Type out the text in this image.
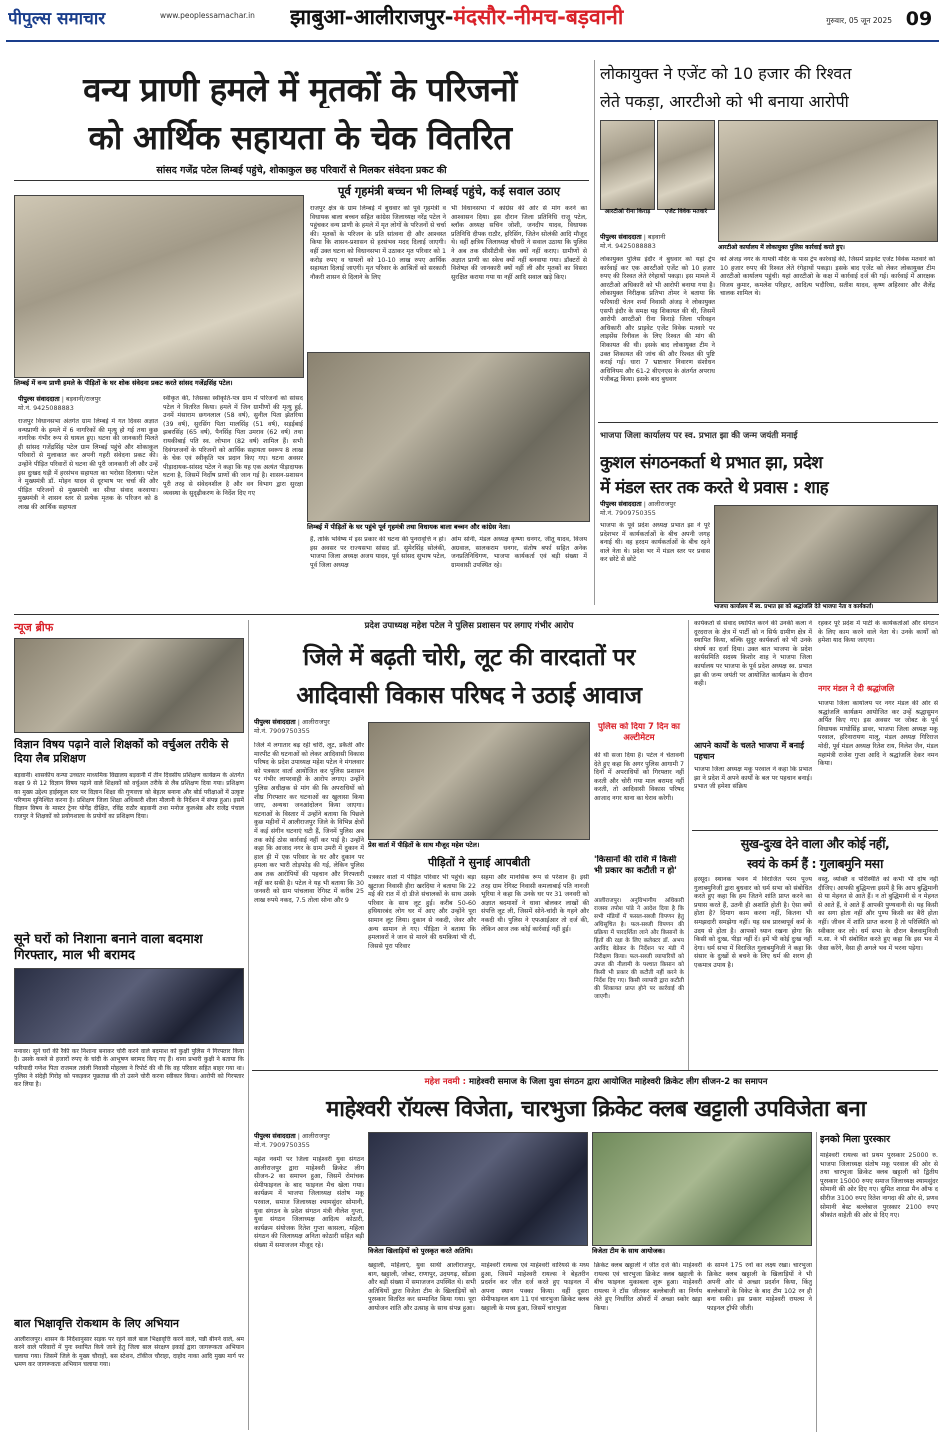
पीपुल्स समाचार	www.peoplessamachar.in	झाबुआ-आलीराजपुर-मंदसौर-नीमच-बड़वानी	गुरुवार, 05 जून 2025 09
वन्य प्राणी हमले में मृतकों के परिजनों
को आर्थिक सहायता के चेक वितरित
सांसद गजेंद्र पटेल लिम्बई पहुंचे, शोकाकुल छह परिवारों से मिलकर संवेदना प्रकट की
लिम्बई में वन्य प्राणी हमले के पीड़ितों के घर शोक संवेदना प्रकट करते सांसद गजेंद्रसिंह पटेल।
पीपुल्स संवाददाता | बड़वानी/राजपुर
मो.नं. 9425088883
राजपुर विधानसभा अंतर्गत ग्राम लिम्बई में गत दिवस अज्ञात वन्यप्राणी के हमले में 6 नागरिकों की मृत्यु हो गई तथा कुछ नागरिक गंभीर रूप से घायल हुए। घटना की जानकारी मिलते ही सांसद गजेंद्रसिंह पटेल ग्राम लिम्बई पहुंचे और शोकाकुल परिवारों से मुलाकात कर अपनी गहरी संवेदना प्रकट की। उन्होंने पीड़ित परिवारों से घटना की पूरी जानकारी ली और उन्हें इस दुःखद घड़ी में हरसंभव सहायता का भरोसा दिलाया। पटेल ने मुख्यमंत्री डॉ. मोहन यादव से दूरभाष पर चर्चा की और पीड़ित परिजनों से मुख्यमंत्री का सीधा संवाद करवाया। मुख्यमंत्री ने शासन स्तर से प्रत्येक मृतक के परिजन को 8 लाख की आर्थिक सहायता
स्वीकृत की, जिसका स्वीकृति-पत्र ग्राम में परिजनों को सांसद पटेल ने वितरित किया। हमले में जिन ग्रामीणों की मृत्यु हुई, उनमें मंसाराम छगनलाल (58 वर्ष), सुनील पिता झेतरिया (39 वर्ष), सुरसिंग पिता मालसिंह (51 वर्ष), सड़ईबाई झबरसिंह (65 वर्ष), पैनसिंह पिता उमराव (62 वर्ष) तथा रायकीबाई पति स्व. लोभान (82 वर्ष) शामिल हैं। सभी दिवंगतजनों के परिजनों को आर्थिक सहायता स्वरूप 8 लाख के चेक एवं स्वीकृति पत्र प्रदान किए गए। घटना अवसर पीड़ादायक-सांसद पटेल ने कहा कि यह एक अत्यंत पीड़ादायक घटना है, जिसमें निर्दोष प्राणों की जान गई है। शासन-प्रशासन पूरी तरह से संवेदनशील है और वन विभाग द्वारा सुरक्षा व्यवस्था के सुदृढ़ीकरण के निर्देश दिए गए
पूर्व गृहमंत्री बच्चन भी लिम्बई पहुंचे, कई सवाल उठाए
राजपुर क्षेत्र के ग्राम लिम्बई में बुधवार को पूर्व गृहमंत्री व विधायक बाला बच्चन सहित कांग्रेस जिलाध्यक्ष नरेंद्र पटेल ने पहुंचकर वन्य प्राणी के हमले में मृत लोगों के परिजनों से चर्चा की। मृतकों के परिजन के प्रति सांत्वना दी और आश्वस्त किया कि शासन-प्रशासन से हरसंभव मदद दिलाई जाएगी। वहीं उक्त घटना को विधानसभा में उठाकर मृत परिवार को 1 करोड़ रुपए व घायलों को 10-10 लाख रुपए आर्थिक सहायता दिलाई जाएगी। मृत परिवार के आश्रितों को सरकारी नौकरी शासन से दिलाने के लिए
भी विधानसभा में कांग्रेस की ओर से मांग करने का आश्वासन दिया। इस दौरान जिला प्रतिनिधि राजू पटेल, ब्लॉक अध्यक्ष सचिन जोशी, जनदीप यादव, विधायक प्रतिनिधि दीपक राठौर, हरिसिंग, जितेन सोलंकी आदि मौजूद थे। वहीं क्षत्रिय जिलाध्यक्ष चौधरी ने सवाल उठाया कि पुलिस ने अब तक सीसीटीवी चेक क्यों नहीं कराए। ग्रामीणों से अज्ञात प्राणी का स्केच क्यों नहीं बनवाया गया। डॉक्टरों से विशेषज्ञ की जानकारी क्यों नहीं ली और मृतकों का विसरा सुरक्षित कराया गया या नहीं आदि सवाल खड़े किए।
लिम्बई में पीड़ितों के घर पहुंचे पूर्व गृहमंत्री तथा विधायक बाला बच्चन और कांग्रेस नेता।
हैं, ताकि भविष्य में इस प्रकार की घटना की पुनरावृत्ति न हो। इस अवसर पर राज्यसभा सांसद डॉ. सुमेरसिंह सोलंकी, भाजपा जिला अध्यक्ष अजय यादव, पूर्व सांसद सुभाष पटेल, पूर्व जिला अध्यक्ष
ओम सोनी, मंडल अध्यक्ष कृष्णा धनगर, जीतू यादव, विजय अग्रवाल, सालकराम धनगर, संतोष बर्फा सहित अनेक जनप्रतिनिधिगण, भाजपा कार्यकर्ता एवं बड़ी संख्या में ग्रामवासी उपस्थित रहे।
लोकायुक्त ने एजेंट को 10 हजार की रिश्वत
लेते पकड़ा, आरटीओ को भी बनाया आरोपी
आरटीओ रीना किराड़	एजेंट विवेक मतवारे
आरटीओ कार्यालय में लोकायुक्त पुलिस कार्रवाई करते हुए।
पीपुल्स संवाददाता | बड़वानी
मो.नं. 9425088883
लोकायुक्त पुलिस इंदौर ने बुधवार को यहां ट्रेप कार्रवाई कर एक आरटीओ एजेंट को 10 हजार रुपए की रिश्वत लेते रंगेहाथों पकड़ा। इस मामले में आरटीओ अधिकारी को भी आरोपी बनाया गया है। लोकायुक्त निरीक्षक प्रतिभा तोमर ने बताया कि फरियादी चेतन शर्मा निवासी अंजड़ ने लोकायुक्त एसपी इंदौर के समक्ष यह शिकायत की थी, जिसमें आरोपी आरटीओ रीना किराड़े जिला परिवहन अधिकारी और प्राइवेट एजेंट विवेक मतवारे पर लाइसेंस रिनीवल के लिए रिश्वत की मांग की शिकायत की थी। इसके बाद लोकायुक्त टीम ने उक्त शिकायत की जांच की और रिश्वत की पुष्टि कराई गई। धारा 7 भ्रष्टाचार निवारण संशोधन अधिनियम और 61-2 बीएनएस के अंतर्गत अपराध पंजीबद्ध किया। इसके बाद बुधवार
को अंजड़ नगर के गायत्री मंदिर के पास ट्रेप कार्रवाई की, जिसमें प्राइवेट एजेंट विवेक मतवारे को 10 हजार रुपए की रिश्वत लेते रंगेहाथों पकड़ा। इसके बाद एजेंट को लेकर लोकायुक्त टीम आरटीओ कार्यालय पहुंची। यहां आरटीओ के कक्ष में कार्रवाई दर्ज की गई। कार्रवाई में आरक्षक विजय कुमार, कमलेश परिहार, आदित्य भदौरिया, सतीश यादव, कृष्ण अहिरवार और शैलेंद्र चालक शामिल थे।
भाजपा जिला कार्यालय पर स्व. प्रभात झा की जन्म जयंती मनाई
कुशल संगठनकर्ता थे प्रभात झा, प्रदेश
में मंडल स्तर तक करते थे प्रवास : शाह
पीपुल्स संवाददाता | आलीराजपुर
मो.नं. 7909750355
भाजपा के पूर्व प्रदेश अध्यक्ष प्रभात झा ने पूरे प्रदेशभर में कार्यकर्ताओं के बीच अपनी जगह बनाई थी। वह हरदम कार्यकर्ताओं के बीच रहने वाले नेता थे। प्रदेश भर में मंडल स्तर पर प्रवास कर छोटे से छोटे
भाजपा कार्यालय में स्व. प्रभात झा को श्रद्धांजलि देते भाजपा नेता व कार्यकर्ता।
न्यूज ब्रीफ
विज्ञान विषय पढ़ाने वाले शिक्षकों को वर्चुअल तरीके से दिया लैब प्रशिक्षण
बड़वानी। शासकीय कन्या उच्चतर माध्यमिक विद्यालय बड़वानी में तीन दिवसीय प्रशिक्षण कार्यक्रम के अंतर्गत कक्षा 9 से 12 विज्ञान विषय पढ़ाने वाले शिक्षकों को वर्चुअल तरीके से लैब प्रशिक्षण दिया गया। प्रशिक्षण का मुख्य उद्देश्य हाईस्कूल स्तर पर विज्ञान शिक्षा की गुणवत्ता को बेहतर बनाना और बोर्ड परीक्षाओं में उत्कृष्ट परिणाम सुनिश्चित करना है। प्रशिक्षण जिला शिक्षा अधिकारी शीला मौलानी के निर्देशन में संपन्न हुआ। इसमें विज्ञान विषय के मास्टर ट्रेनर योगेंद्र दीक्षित, रविंद्र राठौर बड़वानी तथा मनोज कुलश्रेष्ठ और राजेंद्र पंचाल राजपुर ने शिक्षकों को प्रयोगशाला के प्रयोगों का प्रशिक्षण दिया।
सूने घरों को निशाना बनाने वाला बदमाश गिरफ्तार, माल भी बरामद
मनावर। सूने घरों की रैकी कर निशाना बनाकर चोरी करने वाले बदमाश को कुक्षी पुलिस ने गिरफ्तार किया है। उसके कब्जे से हजारों रुपए के चांदी के आभूषण बरामद किए गए हैं। थाना प्रभारी कुक्षी ने बताया कि फरियादी गणेश पिता राजमल तवंली निवासी मोहल्ला ने रिपोर्ट की थी कि वह परिवार सहित बाहर गया था। पुलिस ने संदेही गिरोह को पकड़कर पूछताछ की तो उसने चोरी करना स्वीकार किया। आरोपी को गिरफ्तार कर लिया है।
बाल भिक्षावृत्ति रोकथाम के लिए अभियान
आलीराजपुर। शासन के निर्देशानुसार सड़क पर रहने वाले बाल भिक्षावृत्ति करने वाले, पन्नी बीनने वाले, श्रम करने वाले परिवारों में पुनः स्थापित किये जाने हेतु जिला बाल संरक्षण इकाई द्वारा जागरूकता अभियान चलाया गया। जिसमें जिले के मुख्य चौराहों, बस स्टेशन, टॉकीज चौराहा, दाहोद नाका आदि मुख्य मार्ग पर भ्रमण कर जागरूकता अभियान चलाया गया।
प्रदेश उपाध्यक्ष महेश पटेल ने पुलिस प्रशासन पर लगाए गंभीर आरोप
जिले में बढ़ती चोरी, लूट की वारदातों पर
आदिवासी विकास परिषद ने उठाई आवाज
पीपुल्स संवाददाता | आलीराजपुर
मो.नं. 7909750355
जिले में लगातार बढ़ रही चोरी, लूट, डकैती और मारपीट की घटनाओं को लेकर आदिवासी विकास परिषद के प्रदेश उपाध्यक्ष महेश पटेल ने मंगलवार को पत्रकार वार्ता आयोजित कर पुलिस प्रशासन पर गंभीर लापरवाही के आरोप लगाए। उन्होंने पुलिस अधीक्षक से मांग की कि अपराधियों को शीघ्र गिरफ्तार कर घटनाओं का खुलासा किया जाए, अन्यथा जनआंदोलन किया जाएगा। घटनाओं के विस्तार में उन्होंने बताया कि पिछले कुछ महीनों में आलीराजपुर जिले के विभिन्न क्षेत्रों में कई संगीन घटनाएं घटी हैं, जिनमें पुलिस अब तक कोई ठोस कार्रवाई नहीं कर पाई है। उन्होंने कहा कि आजाद नगर के ग्राम उमरी में दुकान में हाल ही में एक परिवार के घर और दुकान पर हमला कर भारी तोड़फोड़ की गई, लेकिन पुलिस अब तक आरोपियों की पहचान और गिरफ्तारी नहीं कर सकी है। पटेल ने यह भी बताया कि 30 जनवरी को ग्राम पांचलावा रेगिस्ट में करीब 25 लाख रुपये नकद, 7.5 तोला सोना और 9
प्रेस वार्ता में पीड़ितों के साथ मौजूद महेश पटेल।
पुलिस को दिया 7 दिन का अल्टीमेटम
की थी सजा दिया है। पटेल ने चेतावनी देते हुए कहा कि अगर पुलिस आगामी 7 दिनों में अपराधियों को गिरफ्तार नहीं करती और चोरी गया माल बरामद नहीं करती, तो आदिवासी विकास परिषद आजाद नगर थाना का घेराव करेगी।
पीड़ितों ने सुनाई आपबीती
पत्रकार वार्ता में पीड़ित परिवार भी पहुंचे। बड़ा खुटाजा निवासी हीरा खरदिया ने बताया कि 22 मई की रात में दो डीजे संचालकों के साथ उसके परिवार के साथ लूट हुई। करीब 50-60 हथियारबंद लोग घर में आए और उन्होंने पूरा सामान लूट लिया। दुकान से नकदी, जेवर और अन्य सामान ले गए। पीड़िता ने बताया कि हमलावरों ने जान से मारने की धमकियां भी दी, जिससे पूरा परिवार
सहमा और मानसिक रूप से परेशान है। इसी तरह ग्राम रेगिस्ट निवासी कमलाबाई पति नानजी भूरिया ने कहा कि उनके घर पर 31 जनवरी को अज्ञात बदमाशों ने धावा बोलकर लाखों की संपत्ति लूट ली, जिसमें सोने-चांदी के गहने और नकदी थी। पुलिस ने एफआईआर तो दर्ज की, लेकिन आज तक कोई कार्रवाई नहीं हुई।
'किसानों की राशि में किसी भी प्रकार का कटौती न हो'
आलीराजपुर। अनुविभागीय अधिकारी राजस्व तपोश पांडे ने आदेश दिया है कि सभी मंडियों में फसल-सब्जी विपणन हेतु अधिसूचित है। फल-सब्जी विपणन की प्रक्रिया में पारदर्शिता लाने और किसानों के हितों की रक्षा के लिए कलेक्टर डॉ. अभय अरविंद बेडेकर के निर्देशन पर मंडी में निरीक्षण किया। फल-सब्जी व्यापारियों को उपज की नीलामी के पश्चात किसान को किसी भी प्रकार की कटौती नहीं करने के निर्देश दिए गए। किसी व्यापारी द्वारा कटौती की शिकायत प्राप्त होने पर कार्रवाई की जाएगी।
कार्यकर्ता से संवाद स्थापित करने की उनकी कला ने दूरदराज के क्षेत्र में पार्टी को न सिर्फ ग्रामीण क्षेत्र में स्थापित किया, बल्कि सुदूर कार्यकर्ता को भी उनके संघर्ष का दर्जा दिया। उक्त बात भाजपा के प्रदेश कार्यसमिति सदस्य किशोर शाह ने भाजपा जिला कार्यालय पर भाजपा के पूर्व प्रदेश अध्यक्ष स्व. प्रभात झा की जन्म जयंती पर आयोजित कार्यक्रम के दौरान कही।
आपने कार्यों के चलते भाजपा में बनाई पहचान
भाजपा जिला अध्यक्ष मकू परवाल ने कहा कि प्रभात झा ने प्रदेश में अपने कार्यों के बल पर पहचान बनाई। प्रभात जी हमेशा संक्रिय
रहकर पूरे प्रदेश में पार्टी के कार्यकर्ताओं और संगठन के लिए काम करने वाले नेता थे। उनके कार्यों को हमेशा याद किया जाएगा।
नगर मंडल ने दी श्रद्धांजलि
भाजपा जिला कार्यालय पर नगर मंडल की ओर से श्रद्धांजलि कार्यक्रम आयोजित कर उन्हें श्रद्धासुमन अर्पित किए गए। इस अवसर पर जोबट के पूर्व विधायक माधोसिंह डावर, भाजपा जिला अध्यक्ष मकू परवाल, हरिनारायण मालू, मंडल अध्यक्ष गिरिराज मोदी, पूर्व मंडल अध्यक्ष रितेश राय, निलेश जैन, मंडल महामंत्री राजेश गुप्ता आदि ने श्रद्धांजलि देकर नमन किया।
सुख-दुःख देने वाला और कोई नहीं,
स्वयं के कर्म हैं : गुलाबमुनि मसा
हरसूद। स्थानक भवन में विराजित परम पूज्य गुलाबमुनिजी द्वारा बुधवार को धर्म सभा को संबोधित करते हुए कहा कि हम जितने शांति प्राप्त करने का प्रयास करते हैं, उतनी ही अशांति होती है। ऐसा क्यों होता है? दिमाग काम करना नहीं, कितना भी समझदारी समझेगा नहीं। यह सब प्रारब्धपूर्व कर्म के उदय से होता है। आपको ध्यान रखना होगा कि किसी को दुःख, पीड़ा नहीं दें। हमें भी कोई दुःख नहीं देगा। धर्म सभा में विराजित गुलाबमुनिजी ने कहा कि संसार के दुःखों से बचने के लिए धर्म की शरण ही एकमात्र उपाय है।
वस्तु, व्यक्ति व परिस्थिति को कभी भी दोष नहीं दीजिए। आपकी बुद्धिमत्ता इसमें है कि आप बुद्धिमानी से या मेहनत से आते हैं। न तो बुद्धिमानी से न मेहनत से आते हैं, वे आते हैं आपकी पुण्यवानी से। यह किसी का सगा होता नहीं और पुण्य किसी का बैरी होता नहीं। जीवन में शांति प्राप्त करना है तो परिस्थिति को स्वीकार कर लो। धर्म सभा के दौरान बैलवामुनिजी म.सा. ने भी संबोधित करते हुए कहा कि इस भव में जैसा करेंगे, वैसा ही अगले भव में भरना पड़ेगा।
महेश नवमी : माहेश्वरी समाज के जिला युवा संगठन द्वारा आयोजित माहेश्वरी क्रिकेट लीग सीजन-2 का समापन
माहेश्वरी रॉयल्स विजेता, चारभुजा क्रिकेट क्लब खट्टाली उपविजेता बना
पीपुल्स संवाददाता | आलीराजपुर
मो.नं. 7909750355
महेश नवमी पर जिला माहेश्वरी युवा संगठन आलीराजपुर द्वारा माहेश्वरी क्रिकेट लीग सीजन-2 का समापन हुआ, जिसमें रोमांचक सेमीफाइनल के बाद फाइनल मैच खेला गया। कार्यक्रम में भाजपा जिलाध्यक्ष संतोष मकू परवाल, समाज जिलाध्यक्ष श्यामसुंदर सोमानी, युवा संगठन के प्रदेश संगठन मंत्री नीलेश गुप्ता, युवा संगठन जिलाध्यक्ष आदित्य कोठारी, कार्यक्रम संयोजक रितेश गुप्ता कासला, महिला संगठन की जिलाध्यक्ष अनिता कोठारी सहित बड़ी संख्या में समाजजन मौजूद रहे।
विजेता खिलाड़ियों को पुरस्कृत करते अतिथि।	विजेता टीम के साथ आयोजक।
खट्टाली, महिलाएं, युवा साथी आलीराजपुर, बाग, खट्टाली, जोबट, राणापुर, उदयगढ़, सोंडवा और बड़ी संख्या में समाजजन उपस्थित थे। सभी अतिथियों द्वारा विजेता टीम के खिलाड़ियों को पुरस्कार वितरित कर सम्मानित किया गया। पूरा आयोजन शांति और उत्साह के साथ संपन्न हुआ।
माहेश्वरी रायल्स एवं माहेश्वरी वारियर्स के मध्य हुआ, जिसमें माहेश्वरी रायल्स ने बेहतरीन प्रदर्शन कर जीत दर्ज करते हुए फाइनल में अपना स्थान पक्का किया। वहीं दूसरा सेमीफाइनल बाग 11 एवं चारभुजा क्रिकेट क्लब खट्टाली के मध्य हुआ, जिसमें चारभुजा
क्रिकेट क्लब खट्टाली ने जीत दर्ज की। माहेश्वरी रायल्स एवं चारभुजा क्रिकेट क्लब खट्टाली के बीच फाइनल मुकाबला शुरू हुआ। माहेश्वरी रायल्स ने टॉस जीतकर बल्लेबाजी का निर्णय लेते हुए निर्धारित ओवरों में अच्छा स्कोर खड़ा किया।
के सामने 175 रनों का लक्ष्य रखा। चारभुजा क्रिकेट क्लब खट्टाली के खिलाड़ियों ने भी अपनी ओर से अच्छा प्रदर्शन किया, किंतु बल्लेबाजों के विकेट के बाद टीम 102 रन ही बना सकी। इस प्रकार माहेश्वरी रायल्स ने फाइनल ट्रॉफी जीती।
इनको मिला पुरस्कार
माहेश्वरी रायल्स को प्रथम पुरस्कार 25000 रु. भाजपा जिलाध्यक्ष संतोष मकू परवाल की ओर से तथा चारभुजा क्रिकेट क्लब खट्टाली को द्वितीय पुरस्कार 15000 रुपए समाज जिलाध्यक्ष श्यामसुंदर सोमानी की ओर दिए गए। सुमित शारडा मैन ऑफ द सीरीज 3100 रुपए रितेश नागदा की ओर से, प्रणव सोमानी बेस्ट बल्लेबाज पुरस्कार 2100 रुपए श्रीकांत वाहेती की ओर से दिए गए।
